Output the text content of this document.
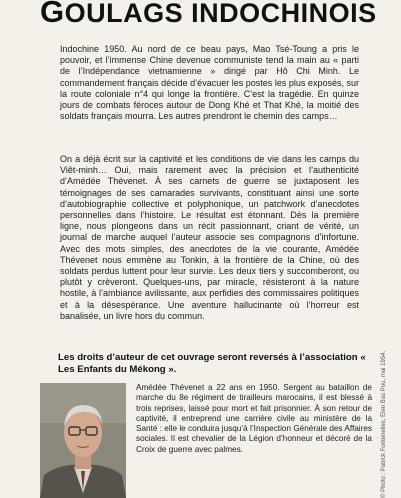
GOULAGS INDOCHINOIS
Indochine 1950. Au nord de ce beau pays, Mao Tsé-Toung a pris le pouvoir, et l’immense Chine devenue communiste tend la main au « parti de l’Indépendance vietnamienne » dirigé par Hô Chi Minh. Le commandement français décide d’évacuer les postes les plus exposés, sur la route coloniale n°4 qui longe la frontière. C’est la tragédie. En quinze jours de combats féroces autour de Dong Khé et That Khé, la moitié des soldats français mourra. Les autres prendront le chemin des camps…
On a déjà écrit sur la captivité et les conditions de vie dans les camps du Viêt-minh… Oui, mais rarement avec la précision et l’authenticité d’Amédée Thévenet. À ses carnets de guerre se juxtaposent les témoignages de ses camarades survivants, constituant ainsi une sorte d’autobiographie collective et polyphonique, un patchwork d’anecdotes personnelles dans l’histoire. Le résultat est étonnant. Dès la première ligne, nous plongeons dans un récit passionnant, criant de vérité, un journal de marche auquel l’auteur associe ses compagnons d’infortune. Avec des mots simples, des anecdotes de la vie courante, Amédée Thévenet nous emmène au Tonkin, à la frontière de la Chine, où des soldats perdus luttent pour leur survie. Les deux tiers y succomberont, ou plutôt y crèveront. Quelques-uns, par miracle, résisteront à la nature hostile, à l’ambiance avilissante, aux perfidies des commissaires politiques et à la désespérance. Une aventure hallucinante où l’horreur est banalisée, un livre hors du commun.
Les droits d’auteur de cet ouvrage seront reversés à l’association « Les Enfants du Mékong ».
Amédée Thévenet a 22 ans en 1950. Sergent au bataillon de marche du 8e régiment de tirailleurs marocains, il est blessé à trois reprises, laissé pour mort et fait prisonnier. À son retour de captivité, il entreprend une carrière civile au ministère de la Santé : elle le conduira jusqu’à l’Inspection Générale des Affaires sociales. Il est chevalier de la Légion d’honneur et décoré de la Croix de guerre avec palmes.	© Photo : Patrick Fontenelles, Elen Bas Pou, mai 1954.
